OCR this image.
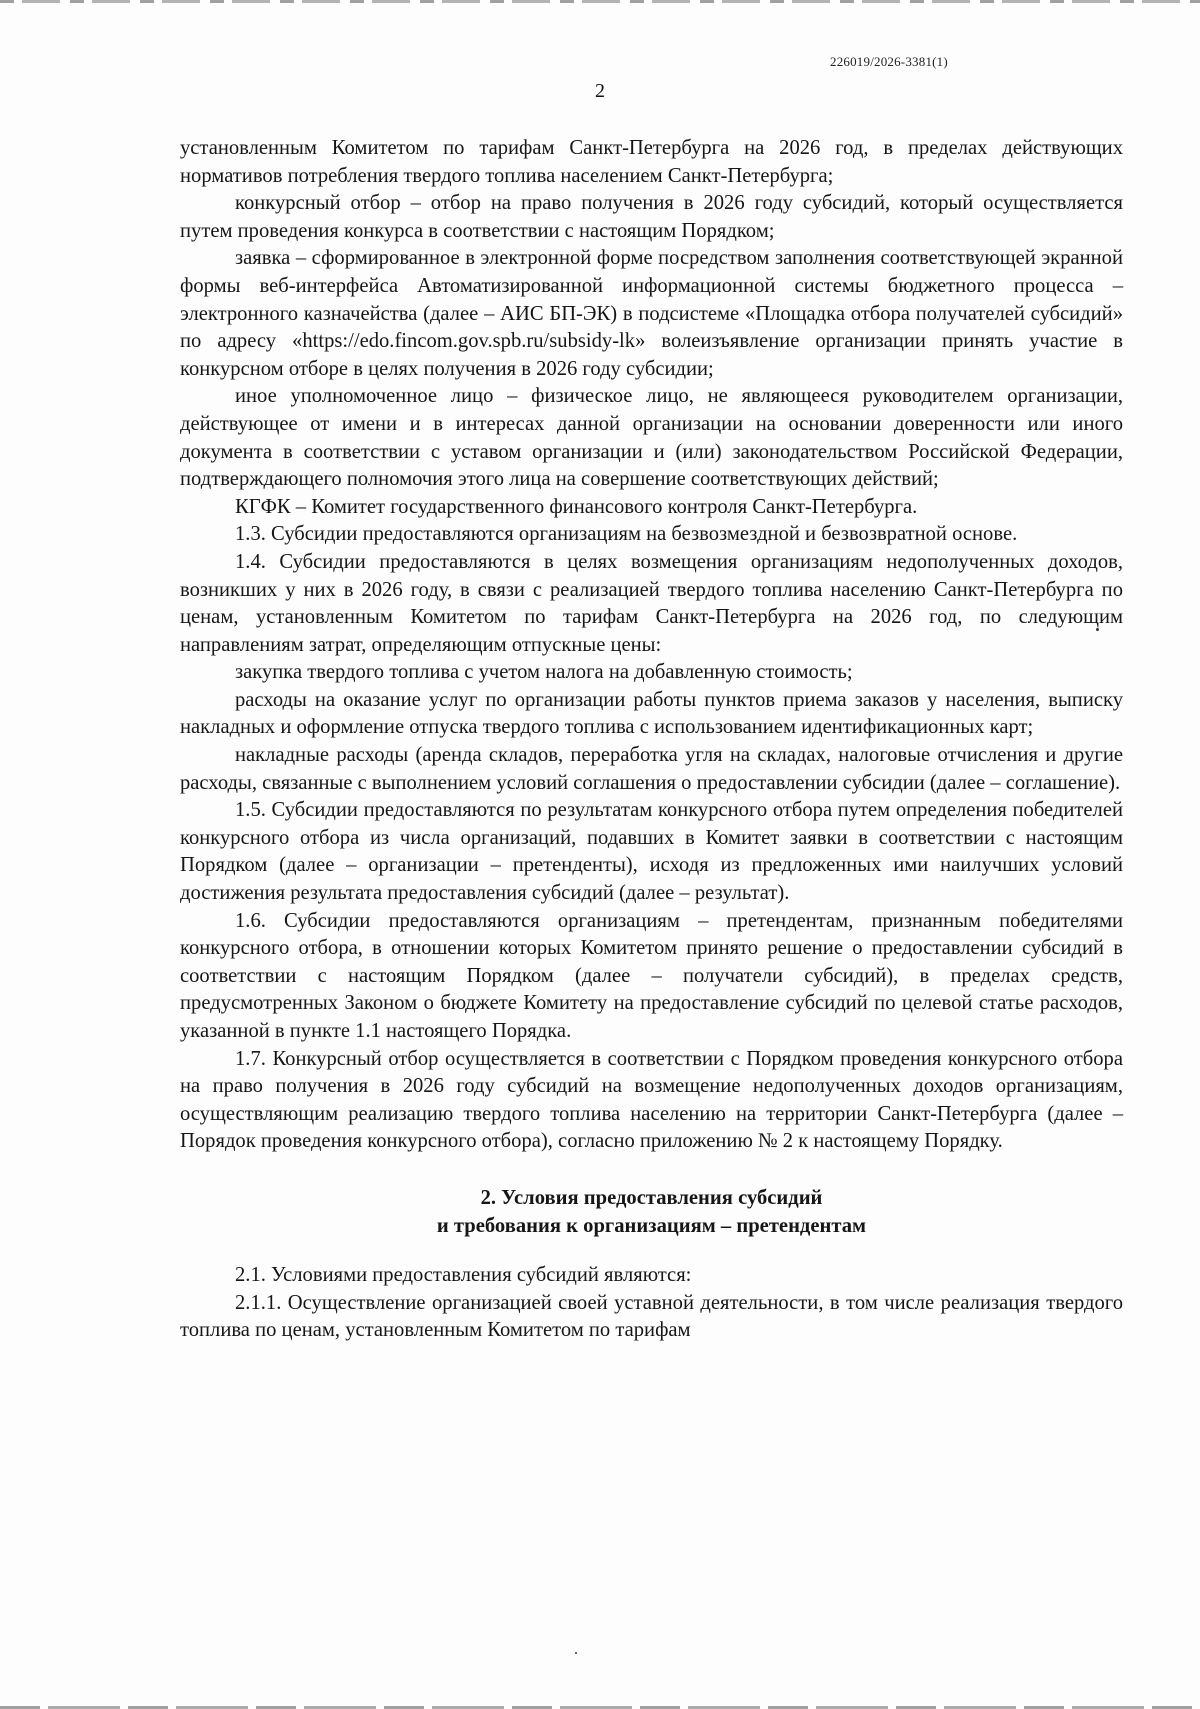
226019/2026-3381(1)
2

установленным Комитетом по тарифам Санкт-Петербурга на 2026 год, в пределах действующих нормативов потребления твердого топлива населением Санкт-Петербурга;

конкурсный отбор – отбор на право получения в 2026 году субсидий, который осуществляется путем проведения конкурса в соответствии с настоящим Порядком;

заявка – сформированное в электронной форме посредством заполнения соответствующей экранной формы веб-интерфейса Автоматизированной информационной системы бюджетного процесса – электронного казначейства (далее – АИС БП-ЭК) в подсистеме «Площадка отбора получателей субсидий» по адресу «https://edo.fincom.gov.spb.ru/subsidy-lk» волеизъявление организации принять участие в конкурсном отборе в целях получения в 2026 году субсидии;

иное уполномоченное лицо – физическое лицо, не являющееся руководителем организации, действующее от имени и в интересах данной организации на основании доверенности или иного документа в соответствии с уставом организации и (или) законодательством Российской Федерации, подтверждающего полномочия этого лица на совершение соответствующих действий;

КГФК – Комитет государственного финансового контроля Санкт-Петербурга.

1.3. Субсидии предоставляются организациям на безвозмездной и безвозвратной основе.

1.4. Субсидии предоставляются в целях возмещения организациям недополученных доходов, возникших у них в 2026 году, в связи с реализацией твердого топлива населению Санкт-Петербурга по ценам, установленным Комитетом по тарифам Санкт-Петербурга на 2026 год, по следующим направлениям затрат, определяющим отпускные цены:

закупка твердого топлива с учетом налога на добавленную стоимость;

расходы на оказание услуг по организации работы пунктов приема заказов у населения, выписку накладных и оформление отпуска твердого топлива с использованием идентификационных карт;

накладные расходы (аренда складов, переработка угля на складах, налоговые отчисления и другие расходы, связанные с выполнением условий соглашения о предоставлении субсидии (далее – соглашение).

1.5. Субсидии предоставляются по результатам конкурсного отбора путем определения победителей конкурсного отбора из числа организаций, подавших в Комитет заявки в соответствии с настоящим Порядком (далее – организации – претенденты), исходя из предложенных ими наилучших условий достижения результата предоставления субсидий (далее – результат).

1.6. Субсидии предоставляются организациям – претендентам, признанным победителями конкурсного отбора, в отношении которых Комитетом принято решение о предоставлении субсидий в соответствии с настоящим Порядком (далее – получатели субсидий), в пределах средств, предусмотренных Законом о бюджете Комитету на предоставление субсидий по целевой статье расходов, указанной в пункте 1.1 настоящего Порядка.

1.7. Конкурсный отбор осуществляется в соответствии с Порядком проведения конкурсного отбора на право получения в 2026 году субсидий на возмещение недополученных доходов организациям, осуществляющим реализацию твердого топлива населению на территории Санкт-Петербурга (далее – Порядок проведения конкурсного отбора), согласно приложению № 2 к настоящему Порядку.

2. Условия предоставления субсидий
и требования к организациям – претендентам

2.1. Условиями предоставления субсидий являются:

2.1.1. Осуществление организацией своей уставной деятельности, в том числе реализация твердого топлива по ценам, установленным Комитетом по тарифам
